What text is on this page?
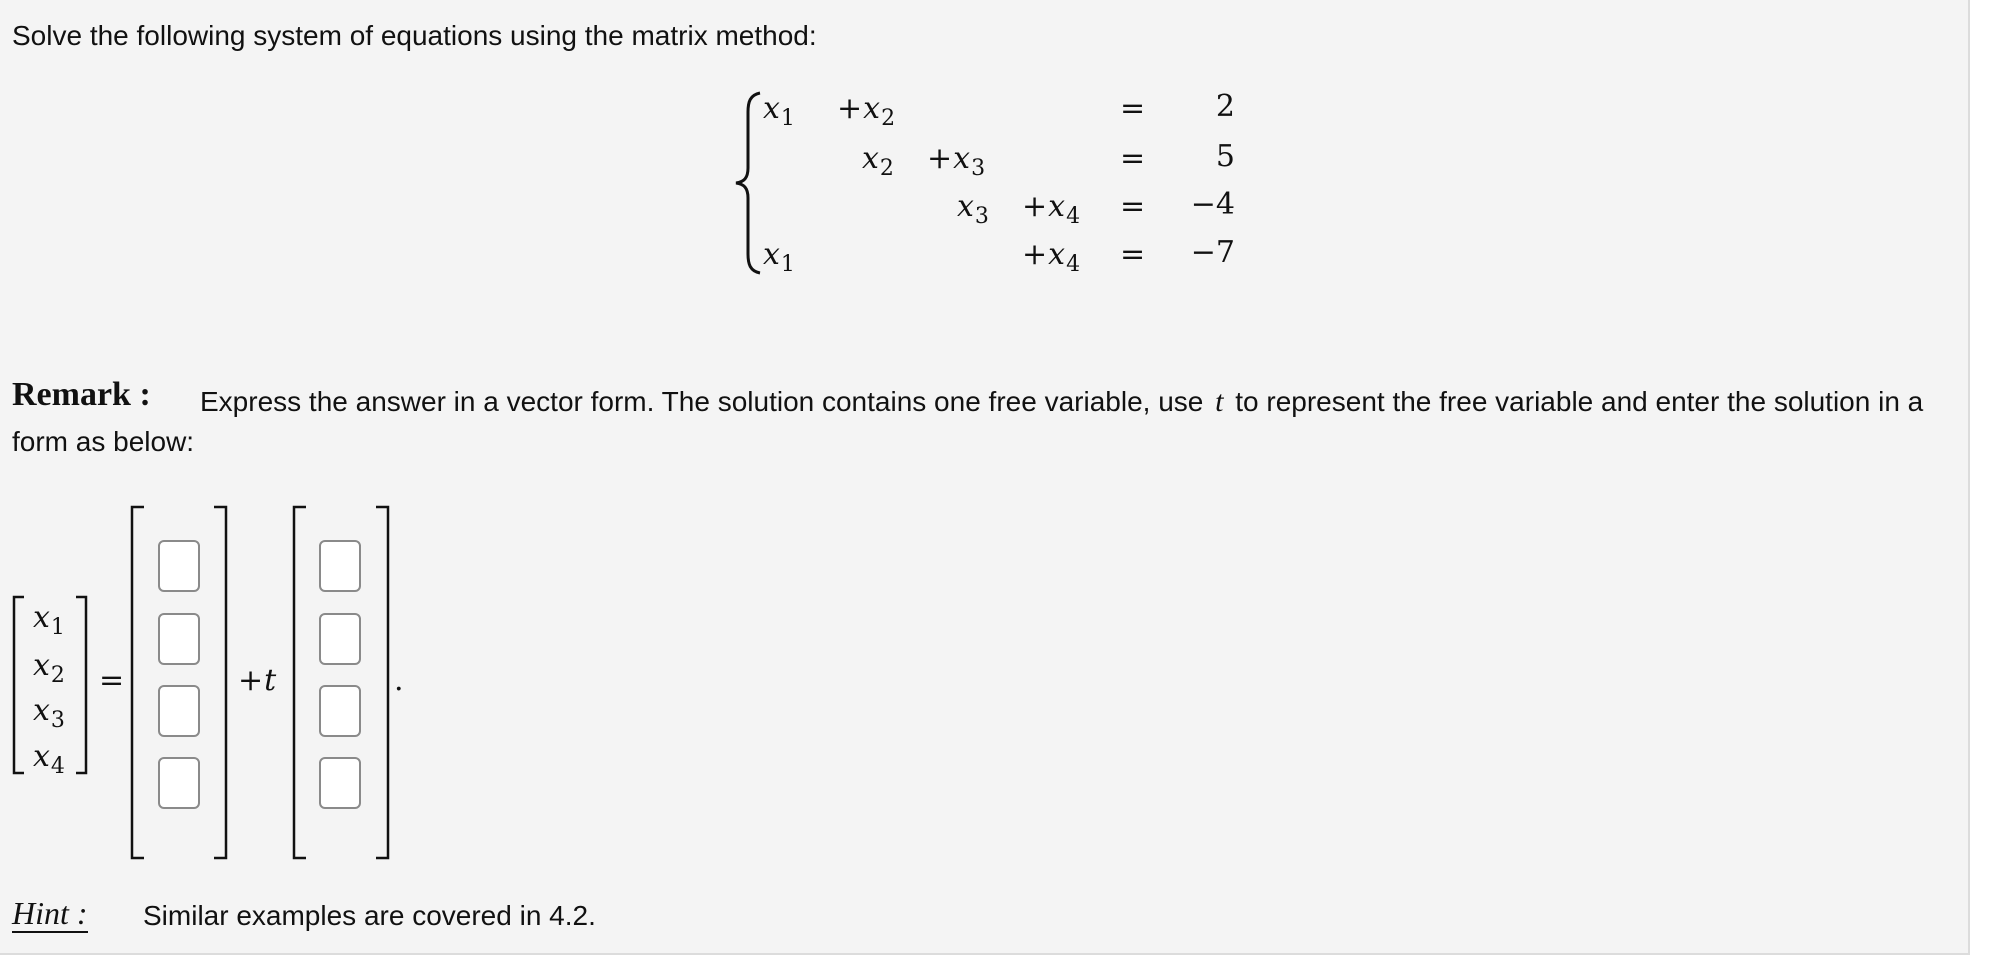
Solve the following system of equations using the matrix method:
$x_1 +x_2$	= 2
$x_2 +x_3$	= 5
$x_3 +x_4 = -4$
$x_1$	$+x_4 = -7$
Remark : Express the answer in a vector form. The solution contains one free variable, use t to represent the free variable and enter the solution in a
form as below:
$x_1$
$x_2$
$x_3$
$x_4$
=	+t	.
Hint : Similar examples are covered in 4.2.
